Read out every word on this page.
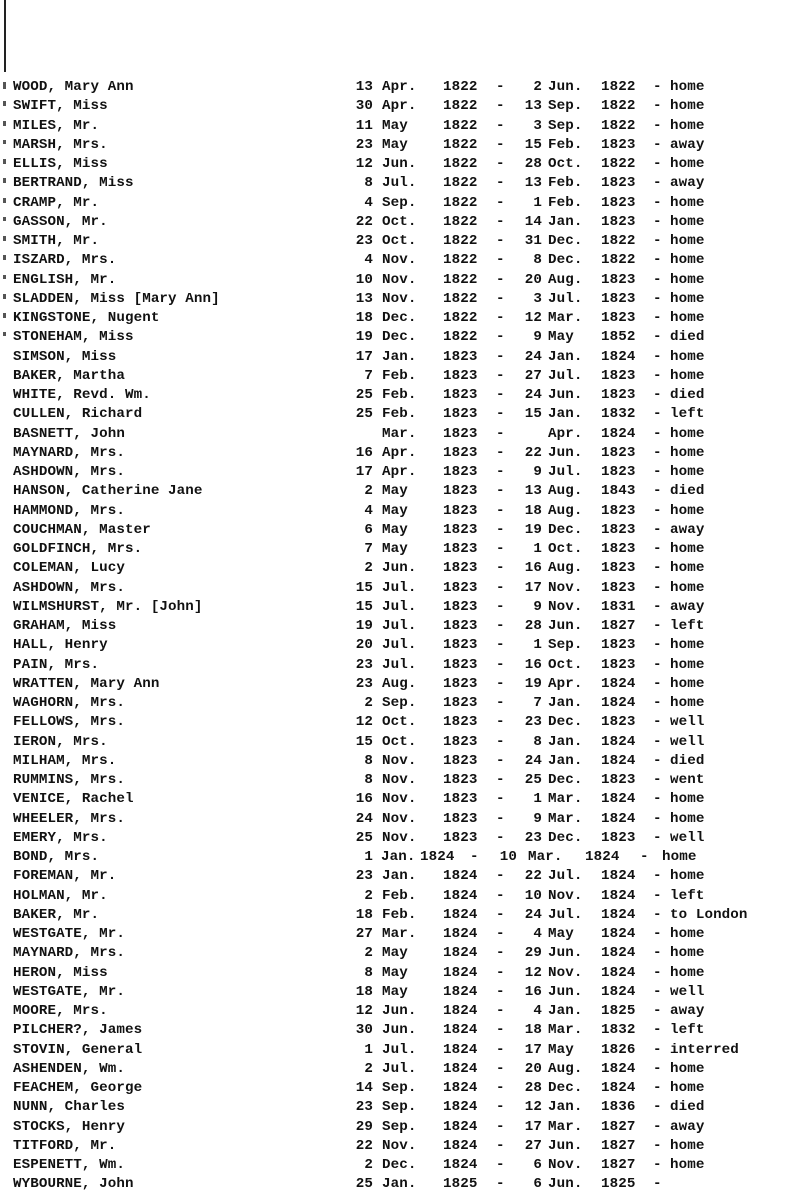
WOOD, Mary Ann	13 Apr. 1822 -	2 Jun. 1822 - home
SWIFT, Miss	30 Apr. 1822 -	13 Sep. 1822 - home
MILES, Mr.	11 May 1822 -	3 Sep. 1822 - home
MARSH, Mrs.	23 May 1822 -	15 Feb. 1823 - away
ELLIS, Miss	12 Jun. 1822 -	28 Oct. 1822 - home
BERTRAND, Miss	8 Jul. 1822 -	13 Feb. 1823 - away
CRAMP, Mr.	4 Sep. 1822 -	1 Feb. 1823 - home
GASSON, Mr.	22 Oct. 1822 -	14 Jan. 1823 - home
SMITH, Mr.	23 Oct. 1822 -	31 Dec. 1822 - home
ISZARD, Mrs.	4 Nov. 1822 -	8 Dec. 1822 - home
ENGLISH, Mr.	10 Nov. 1822 -	20 Aug. 1823 - home
SLADDEN, Miss [Mary Ann]	13 Nov. 1822 -	3 Jul. 1823 - home
KINGSTONE, Nugent	18 Dec. 1822 -	12 Mar. 1823 - home
STONEHAM, Miss	19 Dec. 1822 -	9 May 1852 - died
SIMSON, Miss	17 Jan. 1823 -	24 Jan. 1824 - home
BAKER, Martha	7 Feb. 1823 -	27 Jul. 1823 - home
WHITE, Revd. Wm.	25 Feb. 1823 -	24 Jun. 1823 - died
CULLEN, Richard	25 Feb. 1823 -	15 Jan. 1832 - left
BASNETT, John	Mar. 1823 -	Apr. 1824 - home
MAYNARD, Mrs.	16 Apr. 1823 -	22 Jun. 1823 - home
ASHDOWN, Mrs.	17 Apr. 1823 -	9 Jul. 1823 - home
HANSON, Catherine Jane	2 May 1823 -	13 Aug. 1843 - died
HAMMOND, Mrs.	4 May 1823 -	18 Aug. 1823 - home
COUCHMAN, Master	6 May 1823 -	19 Dec. 1823 - away
GOLDFINCH, Mrs.	7 May 1823 -	1 Oct. 1823 - home
COLEMAN, Lucy	2 Jun. 1823 -	16 Aug. 1823 - home
ASHDOWN, Mrs.	15 Jul. 1823 -	17 Nov. 1823 - home
WILMSHURST, Mr. [John]	15 Jul. 1823 -	9 Nov. 1831 - away
GRAHAM, Miss	19 Jul. 1823 -	28 Jun. 1827 - left
HALL, Henry	20 Jul. 1823 -	1 Sep. 1823 - home
PAIN, Mrs.	23 Jul. 1823 -	16 Oct. 1823 - home
WRATTEN, Mary Ann	23 Aug. 1823 -	19 Apr. 1824 - home
WAGHORN, Mrs.	2 Sep. 1823 -	7 Jan. 1824 - home
FELLOWS, Mrs.	12 Oct. 1823 -	23 Dec. 1823 - well
IERON, Mrs.	15 Oct. 1823 -	8 Jan. 1824 - well
MILHAM, Mrs.	8 Nov. 1823 -	24 Jan. 1824 - died
RUMMINS, Mrs.	8 Nov. 1823 -	25 Dec. 1823 - went
VENICE, Rachel	16 Nov. 1823 -	1 Mar. 1824 - home
WHEELER, Mrs.	24 Nov. 1823 -	9 Mar. 1824 - home
EMERY, Mrs.	25 Nov. 1823 -	23 Dec. 1823 - well
BOND, Mrs.	1 Jan. 1824 -	10 Mar. 1824 - home
FOREMAN, Mr.	23 Jan. 1824 -	22 Jul. 1824 - home
HOLMAN, Mr.	2 Feb. 1824 -	10 Nov. 1824 - left
BAKER, Mr.	18 Feb. 1824 -	24 Jul. 1824 - to London
WESTGATE, Mr.	27 Mar. 1824 -	4 May 1824 - home
MAYNARD, Mrs.	2 May 1824 -	29 Jun. 1824 - home
HERON, Miss	8 May 1824 -	12 Nov. 1824 - home
WESTGATE, Mr.	18 May 1824 -	16 Jun. 1824 - well
MOORE, Mrs.	12 Jun. 1824 -	4 Jan. 1825 - away
PILCHER?, James	30 Jun. 1824 -	18 Mar. 1832 - left
STOVIN, General	1 Jul. 1824 -	17 May 1826 - interred
ASHENDEN, Wm.	2 Jul. 1824 -	20 Aug. 1824 - home
FEACHEM, George	14 Sep. 1824 -	28 Dec. 1824 - home
NUNN, Charles	23 Sep. 1824 -	12 Jan. 1836 - died
STOCKS, Henry	29 Sep. 1824 -	17 Mar. 1827 - away
TITFORD, Mr.	22 Nov. 1824 -	27 Jun. 1827 - home
ESPENETT, Wm.	2 Dec. 1824 -	6 Nov. 1827 - home
WYBOURNE, John	25 Jan. 1825 -	6 Jun. 1825 -
